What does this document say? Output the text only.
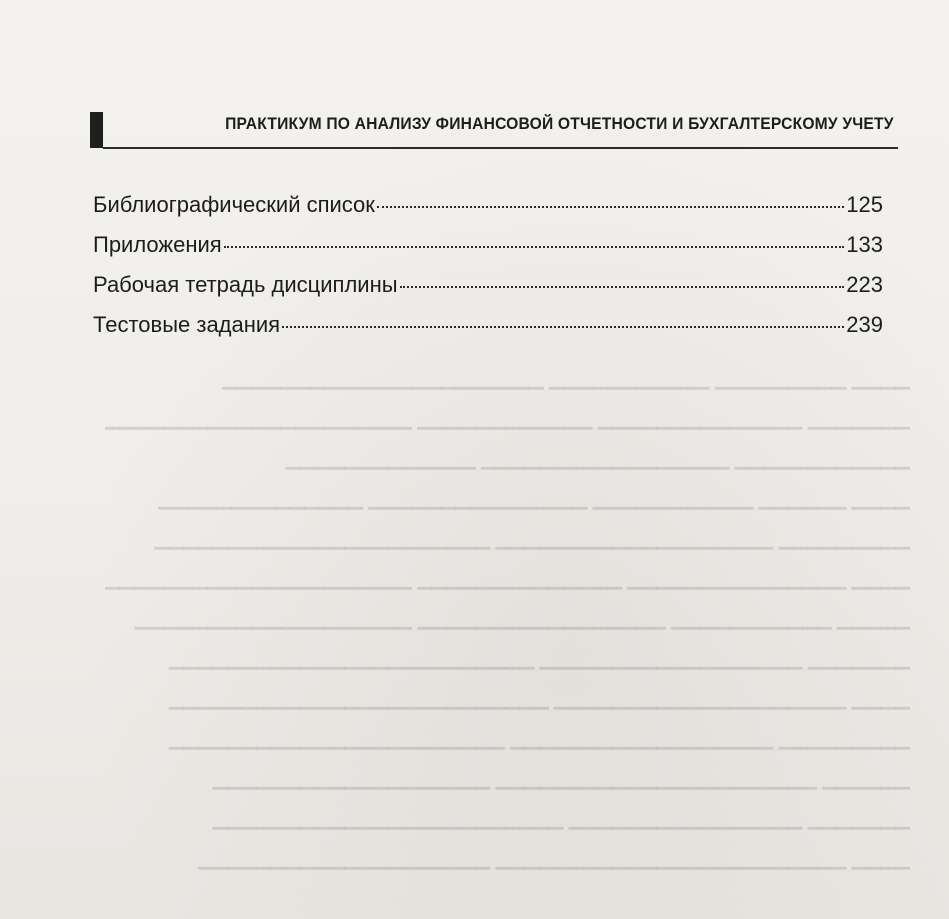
▁▁▁▁ ▁▁▁▁▁▁▁▁▁ ▁▁▁▁▁▁▁▁▁▁▁ ▁▁▁▁▁▁▁▁▁▁▁▁▁▁▁▁▁▁▁▁▁▁
▁▁▁▁▁▁▁ ▁▁▁▁▁▁▁▁▁▁▁▁▁▁ ▁▁▁▁▁▁▁▁▁▁▁▁ ▁▁▁▁▁▁▁▁▁▁▁▁▁▁▁▁▁▁▁▁▁
▁▁▁▁▁▁▁▁▁▁▁▁ ▁▁▁▁▁▁▁▁▁▁▁▁▁▁▁▁▁ ▁▁▁▁▁▁▁▁▁▁▁▁▁
▁▁▁▁ ▁▁▁▁▁▁ ▁▁▁▁▁▁▁▁▁▁▁ ▁▁▁▁▁▁▁▁▁▁▁▁▁▁▁ ▁▁▁▁▁▁▁▁▁▁▁▁▁▁
▁▁▁▁▁▁▁▁▁ ▁▁▁▁▁▁▁▁▁▁▁▁▁▁▁▁▁▁▁ ▁▁▁▁▁▁▁▁▁▁▁▁▁▁▁▁▁▁▁▁▁▁▁
▁▁▁▁ ▁▁▁▁▁▁▁▁▁▁▁▁▁▁▁ ▁▁▁▁▁▁▁▁▁▁▁▁▁▁ ▁▁▁▁▁▁▁▁▁▁▁▁▁▁▁▁▁▁▁▁▁
▁▁▁▁▁ ▁▁▁▁▁▁▁▁▁▁▁ ▁▁▁▁▁▁▁▁▁▁▁▁▁▁▁▁▁ ▁▁▁▁▁▁▁▁▁▁▁▁▁▁▁▁▁▁▁
▁▁▁▁▁▁▁ ▁▁▁▁▁▁▁▁▁▁▁▁▁▁▁▁▁▁ ▁▁▁▁▁▁▁▁▁▁▁▁▁▁▁▁▁▁▁▁▁▁▁▁▁
▁▁▁▁ ▁▁▁▁▁▁▁▁▁▁▁▁▁▁▁▁▁▁▁▁ ▁▁▁▁▁▁▁▁▁▁▁▁▁▁▁▁▁▁▁▁▁▁▁▁▁▁
▁▁▁▁▁▁▁▁▁ ▁▁▁▁▁▁▁▁▁▁▁▁▁▁▁▁▁▁ ▁▁▁▁▁▁▁▁▁▁▁▁▁▁▁▁▁▁▁▁▁▁▁
▁▁▁▁▁▁ ▁▁▁▁▁▁▁▁▁▁▁▁▁▁▁▁▁▁▁▁▁▁ ▁▁▁▁▁▁▁▁▁▁▁▁▁▁▁▁▁▁▁
▁▁▁▁▁▁▁ ▁▁▁▁▁▁▁▁▁▁▁▁▁▁▁▁ ▁▁▁▁▁▁▁▁▁▁▁▁▁▁▁▁▁▁▁▁▁▁▁▁
▁▁▁▁ ▁▁▁▁▁▁▁▁▁▁▁▁▁▁▁▁▁▁▁▁▁▁▁▁ ▁▁▁▁▁▁▁▁▁▁▁▁▁▁▁▁▁▁▁▁
ПРАКТИКУМ ПО АНАЛИЗУ ФИНАНСОВОЙ ОТЧЕТНОСТИ И БУХГАЛТЕРСКОМУ УЧЕТУ
Библиографический список	125
Приложения	133
Рабочая тетрадь дисциплины	223
Тестовые задания	239
